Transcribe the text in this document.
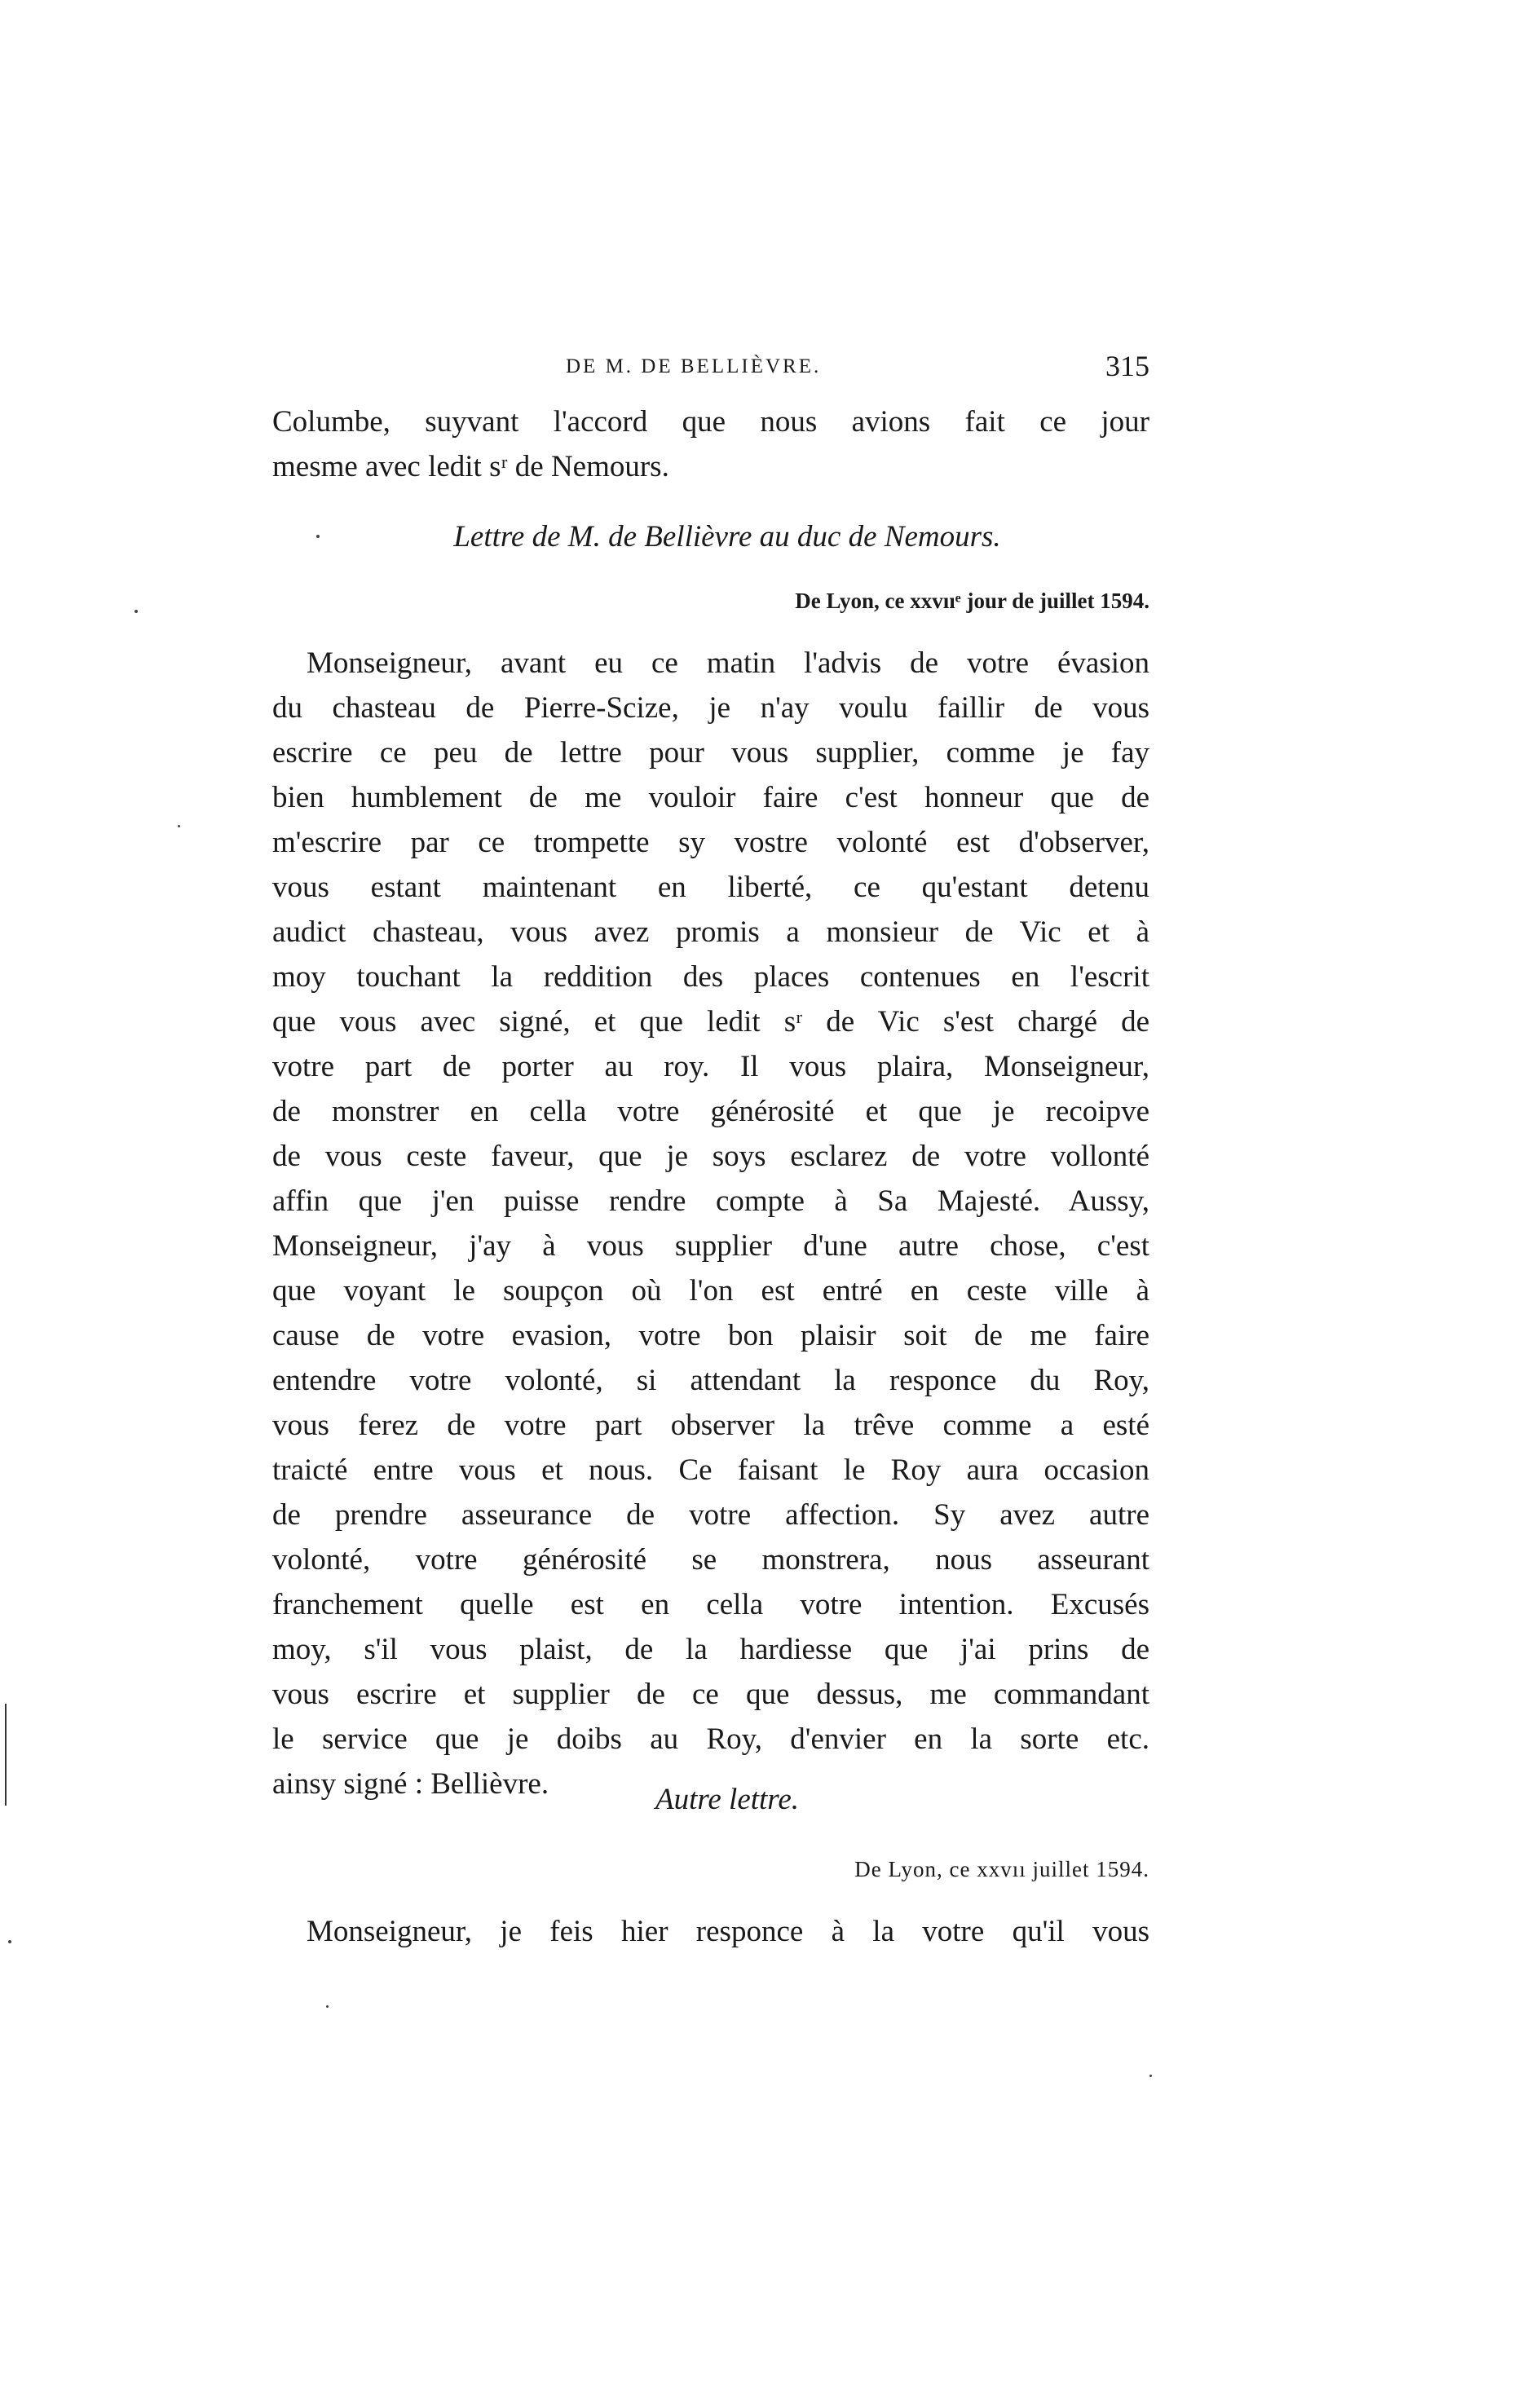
DE M. DE BELLIÈVRE.	315
Columbe, suyvant l'accord que nous avions fait ce jour
mesme avec ledit sʳ de Nemours.
Lettre de M. de Bellièvre au duc de Nemours.
De Lyon, ce xxvııᵉ jour de juillet 1594.
Monseigneur, avant eu ce matin l'advis de votre évasion
du chasteau de Pierre-Scize, je n'ay voulu faillir de vous
escrire ce peu de lettre pour vous supplier, comme je fay
bien humblement de me vouloir faire c'est honneur que de
m'escrire par ce trompette sy vostre volonté est d'observer,
vous estant maintenant en liberté, ce qu'estant detenu
audict chasteau, vous avez promis a monsieur de Vic et à
moy touchant la reddition des places contenues en l'escrit
que vous avec signé, et que ledit sʳ de Vic s'est chargé de
votre part de porter au roy. Il vous plaira, Monseigneur,
de monstrer en cella votre générosité et que je recoipve
de vous ceste faveur, que je soys esclarez de votre vollonté
affin que j'en puisse rendre compte à Sa Majesté. Aussy,
Monseigneur, j'ay à vous supplier d'une autre chose, c'est
que voyant le soupçon où l'on est entré en ceste ville à
cause de votre evasion, votre bon plaisir soit de me faire
entendre votre volonté, si attendant la responce du Roy,
vous ferez de votre part observer la trêve comme a esté
traicté entre vous et nous. Ce faisant le Roy aura occasion
de prendre asseurance de votre affection. Sy avez autre
volonté, votre générosité se monstrera, nous asseurant
franchement quelle est en cella votre intention. Excusés
moy, s'il vous plaist, de la hardiesse que j'ai prins de
vous escrire et supplier de ce que dessus, me commandant
le service que je doibs au Roy, d'envier en la sorte etc.
ainsy signé : Bellièvre.	Autre lettre.
De Lyon, ce xxvıı juillet 1594.
Monseigneur, je feis hier responce à la votre qu'il vous
